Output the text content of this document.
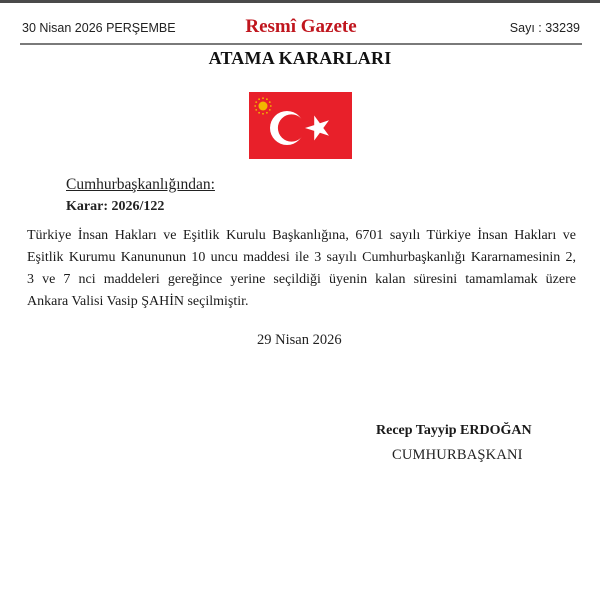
30 Nisan 2026 PERŞEMBE	Resmî Gazete	Sayı : 33239
ATAMA KARARLARI
Cumhurbaşkanlığından:
Karar: 2026/122
Türkiye İnsan Hakları ve Eşitlik Kurulu Başkanlığına, 6701 sayılı Türkiye İnsan Hakları ve
Eşitlik Kurumu Kanununun 10 uncu maddesi ile 3 sayılı Cumhurbaşkanlığı Kararnamesinin 2,
3 ve 7 nci maddeleri gereğince yerine seçildiği üyenin kalan süresini tamamlamak üzere
Ankara Valisi Vasip ŞAHİN seçilmiştir.
29 Nisan 2026
Recep Tayyip ERDOĞAN
CUMHURBAŞKANI
